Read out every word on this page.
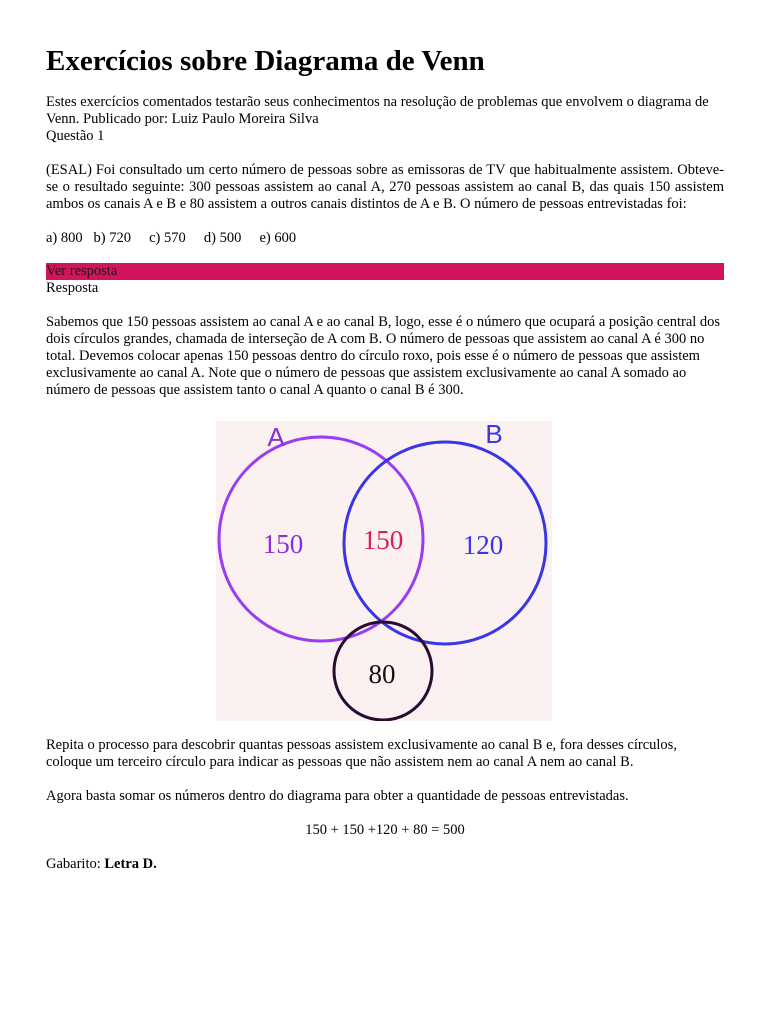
Exercícios sobre Diagrama de Venn

Estes exercícios comentados testarão seus conhecimentos na resolução de problemas que envolvem o diagrama de Venn. Publicado por: Luiz Paulo Moreira Silva

Questão 1

(ESAL) Foi consultado um certo número de pessoas sobre as emissoras de TV que habitualmente assistem. Obteve-se o resultado seguinte: 300 pessoas assistem ao canal A, 270 pessoas assistem ao canal B, das quais 150 assistem ambos os canais A e B e 80 assistem a outros canais distintos de A e B. O número de pessoas entrevistadas foi:

a) 800 b) 720 c) 570 d) 500 e) 600

Ver resposta

Resposta

Sabemos que 150 pessoas assistem ao canal A e ao canal B, logo, esse é o número que ocupará a posição central dos dois círculos grandes, chamada de interseção de A com B. O número de pessoas que assistem ao canal A é 300 no total. Devemos colocar apenas 150 pessoas dentro do círculo roxo, pois esse é o número de pessoas que assistem exclusivamente ao canal A. Note que o número de pessoas que assistem exclusivamente ao canal A somado ao número de pessoas que assistem tanto o canal A quanto o canal B é 300.

A	B
150 150 120
80

Repita o processo para descobrir quantas pessoas assistem exclusivamente ao canal B e, fora desses círculos, coloque um terceiro círculo para indicar as pessoas que não assistem nem ao canal A nem ao canal B.

Agora basta somar os números dentro do diagrama para obter a quantidade de pessoas entrevistadas.

150 + 150 +120 + 80 = 500

Gabarito: Letra D.
